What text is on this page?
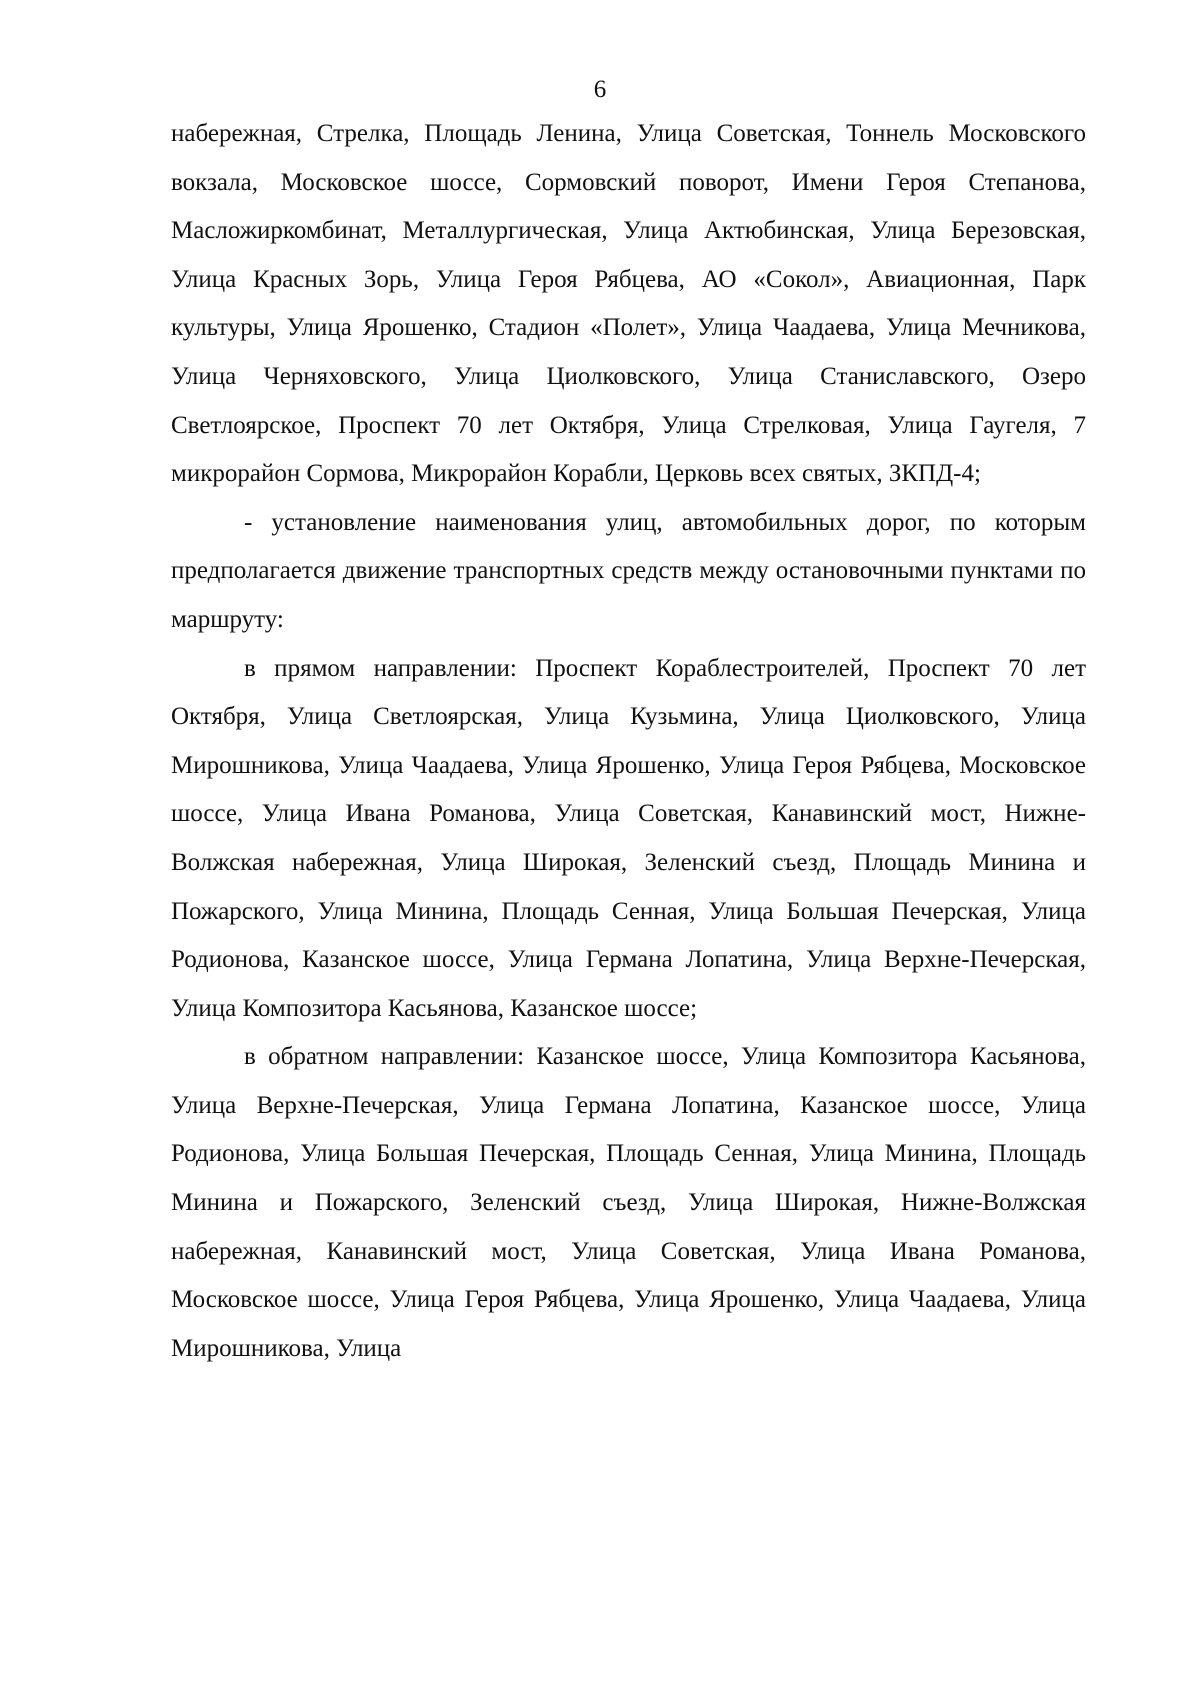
6

набережная, Стрелка, Площадь Ленина, Улица Советская, Тоннель Московского вокзала, Московское шоссе, Сормовский поворот, Имени Героя Степанова, Масложиркомбинат, Металлургическая, Улица Актюбинская, Улица Березовская, Улица Красных Зорь, Улица Героя Рябцева, АО «Сокол», Авиационная, Парк культуры, Улица Ярошенко, Стадион «Полет», Улица Чаадаева, Улица Мечникова, Улица Черняховского, Улица Циолковского, Улица Станиславского, Озеро Светлоярское, Проспект 70 лет Октября, Улица Стрелковая, Улица Гаугеля, 7 микрорайон Сормова, Микрорайон Корабли, Церковь всех святых, ЗКПД-4;

- установление наименования улиц, автомобильных дорог, по которым предполагается движение транспортных средств между остановочными пунктами по маршруту:

в прямом направлении: Проспект Кораблестроителей, Проспект 70 лет Октября, Улица Светлоярская, Улица Кузьмина, Улица Циолковского, Улица Мирошникова, Улица Чаадаева, Улица Ярошенко, Улица Героя Рябцева, Московское шоссе, Улица Ивана Романова, Улица Советская, Канавинский мост, Нижне-Волжская набережная, Улица Широкая, Зеленский съезд, Площадь Минина и Пожарского, Улица Минина, Площадь Сенная, Улица Большая Печерская, Улица Родионова, Казанское шоссе, Улица Германа Лопатина, Улица Верхне-Печерская, Улица Композитора Касьянова, Казанское шоссе;

в обратном направлении: Казанское шоссе, Улица Композитора Касьянова, Улица Верхне-Печерская, Улица Германа Лопатина, Казанское шоссе, Улица Родионова, Улица Большая Печерская, Площадь Сенная, Улица Минина, Площадь Минина и Пожарского, Зеленский съезд, Улица Широкая, Нижне-Волжская набережная, Канавинский мост, Улица Советская, Улица Ивана Романова, Московское шоссе, Улица Героя Рябцева, Улица Ярошенко, Улица Чаадаева, Улица Мирошникова, Улица
